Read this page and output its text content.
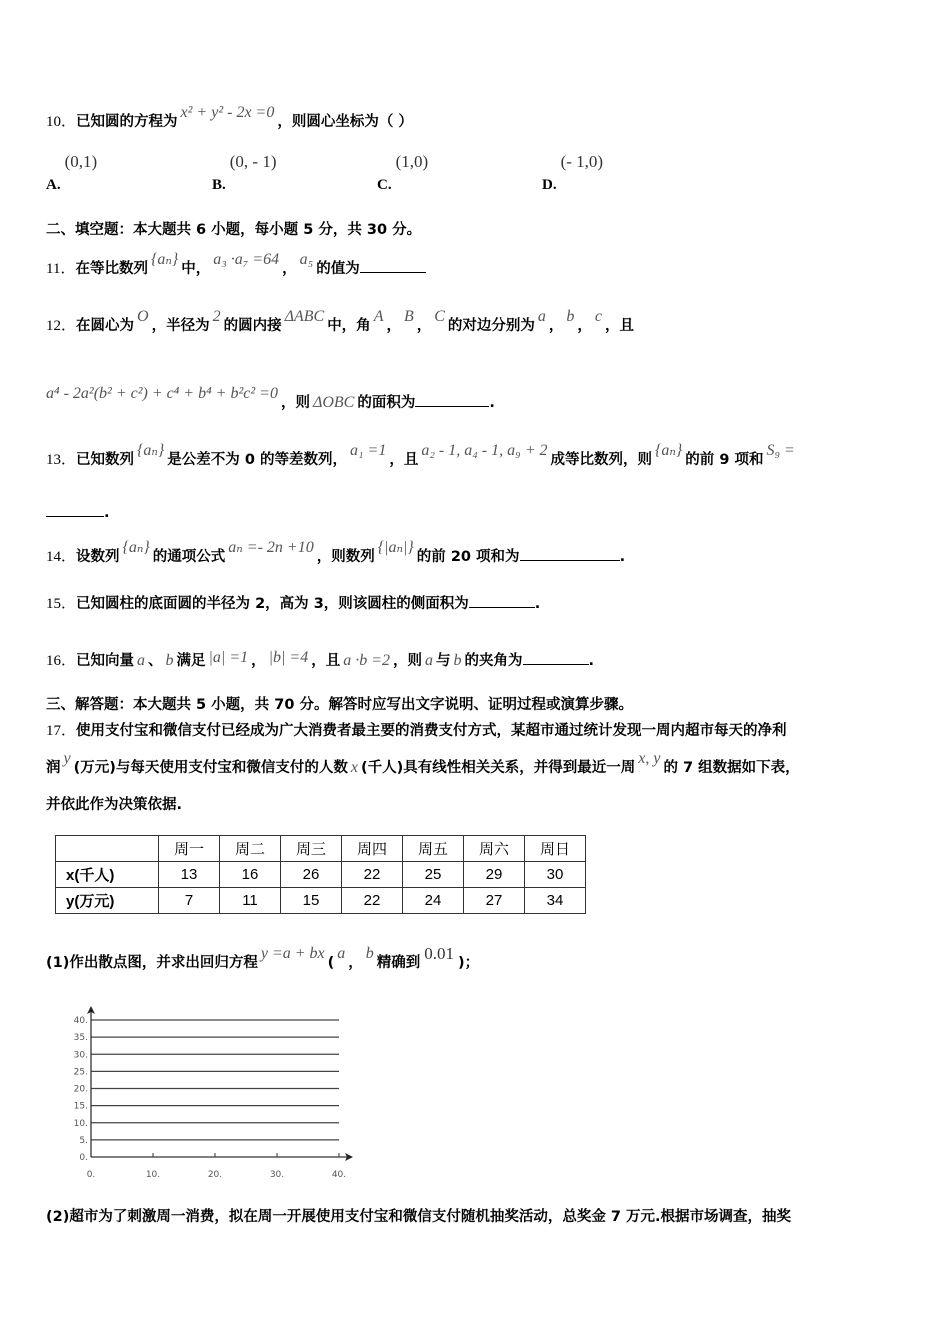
10．已知圆的方程为x² + y² - 2x =0，则圆心坐标为（ ）
A.(0,1)
B.(0, - 1)
C.(1,0)
D.(- 1,0)
二、填空题：本大题共 6 小题，每小题 5 分，共 30 分。
11．在等比数列{aₙ}中，a₃ ·a₇ =64，a₅的值为
12．在圆心为O，半径为2的圆内接ΔABC中，角A，B，C的对边分别为a，b，c，且
a⁴ - 2a²(b² + c²) + c⁴ + b⁴ + b²c² =0，则 ΔOBC 的面积为	.
13．已知数列{aₙ}是公差不为 0 的等差数列，a₁ =1，且a₂ - 1, a₄ - 1, a₉ + 2成等比数列，则{aₙ}的前 9 项和S₉ =
.
14．设数列{aₙ}的通项公式aₙ =- 2n +10，则数列{|aₙ|}的前 20 项和为	.
15．已知圆柱的底面圆的半径为 2，高为 3，则该圆柱的侧面积为	.
16．已知向量 a 、 b 满足 |a| =1 ， |b| =4 ，且 a ·b =2 ，则 a 与 b 的夹角为	.
三、解答题：本大题共 5 小题，共 70 分。解答时应写出文字说明、证明过程或演算步骤。
17．使用支付宝和微信支付已经成为广大消费者最主要的消费支付方式，某超市通过统计发现一周内超市每天的净利
润y(万元)与每天使用支付宝和微信支付的人数 x (千人)具有线性相关关系，并得到最近一周x, y的 7 组数据如下表，
并依此作为决策依据.
	周一	周二	周三	周四	周五	周六	周日
x(千人)	13	16	26	22	25	29	30
y(万元)	7	11	15	22	24	27	34
(1)作出散点图，并求出回归方程y =a + bx(a，b精确到 0.01 )；
0.
5.
10.
15.
20.
25.
30.
35.
40.
0.	10.	20.	30.	40.
(2)超市为了刺激周一消费，拟在周一开展使用支付宝和微信支付随机抽奖活动，总奖金 7 万元.根据市场调查，抽奖
